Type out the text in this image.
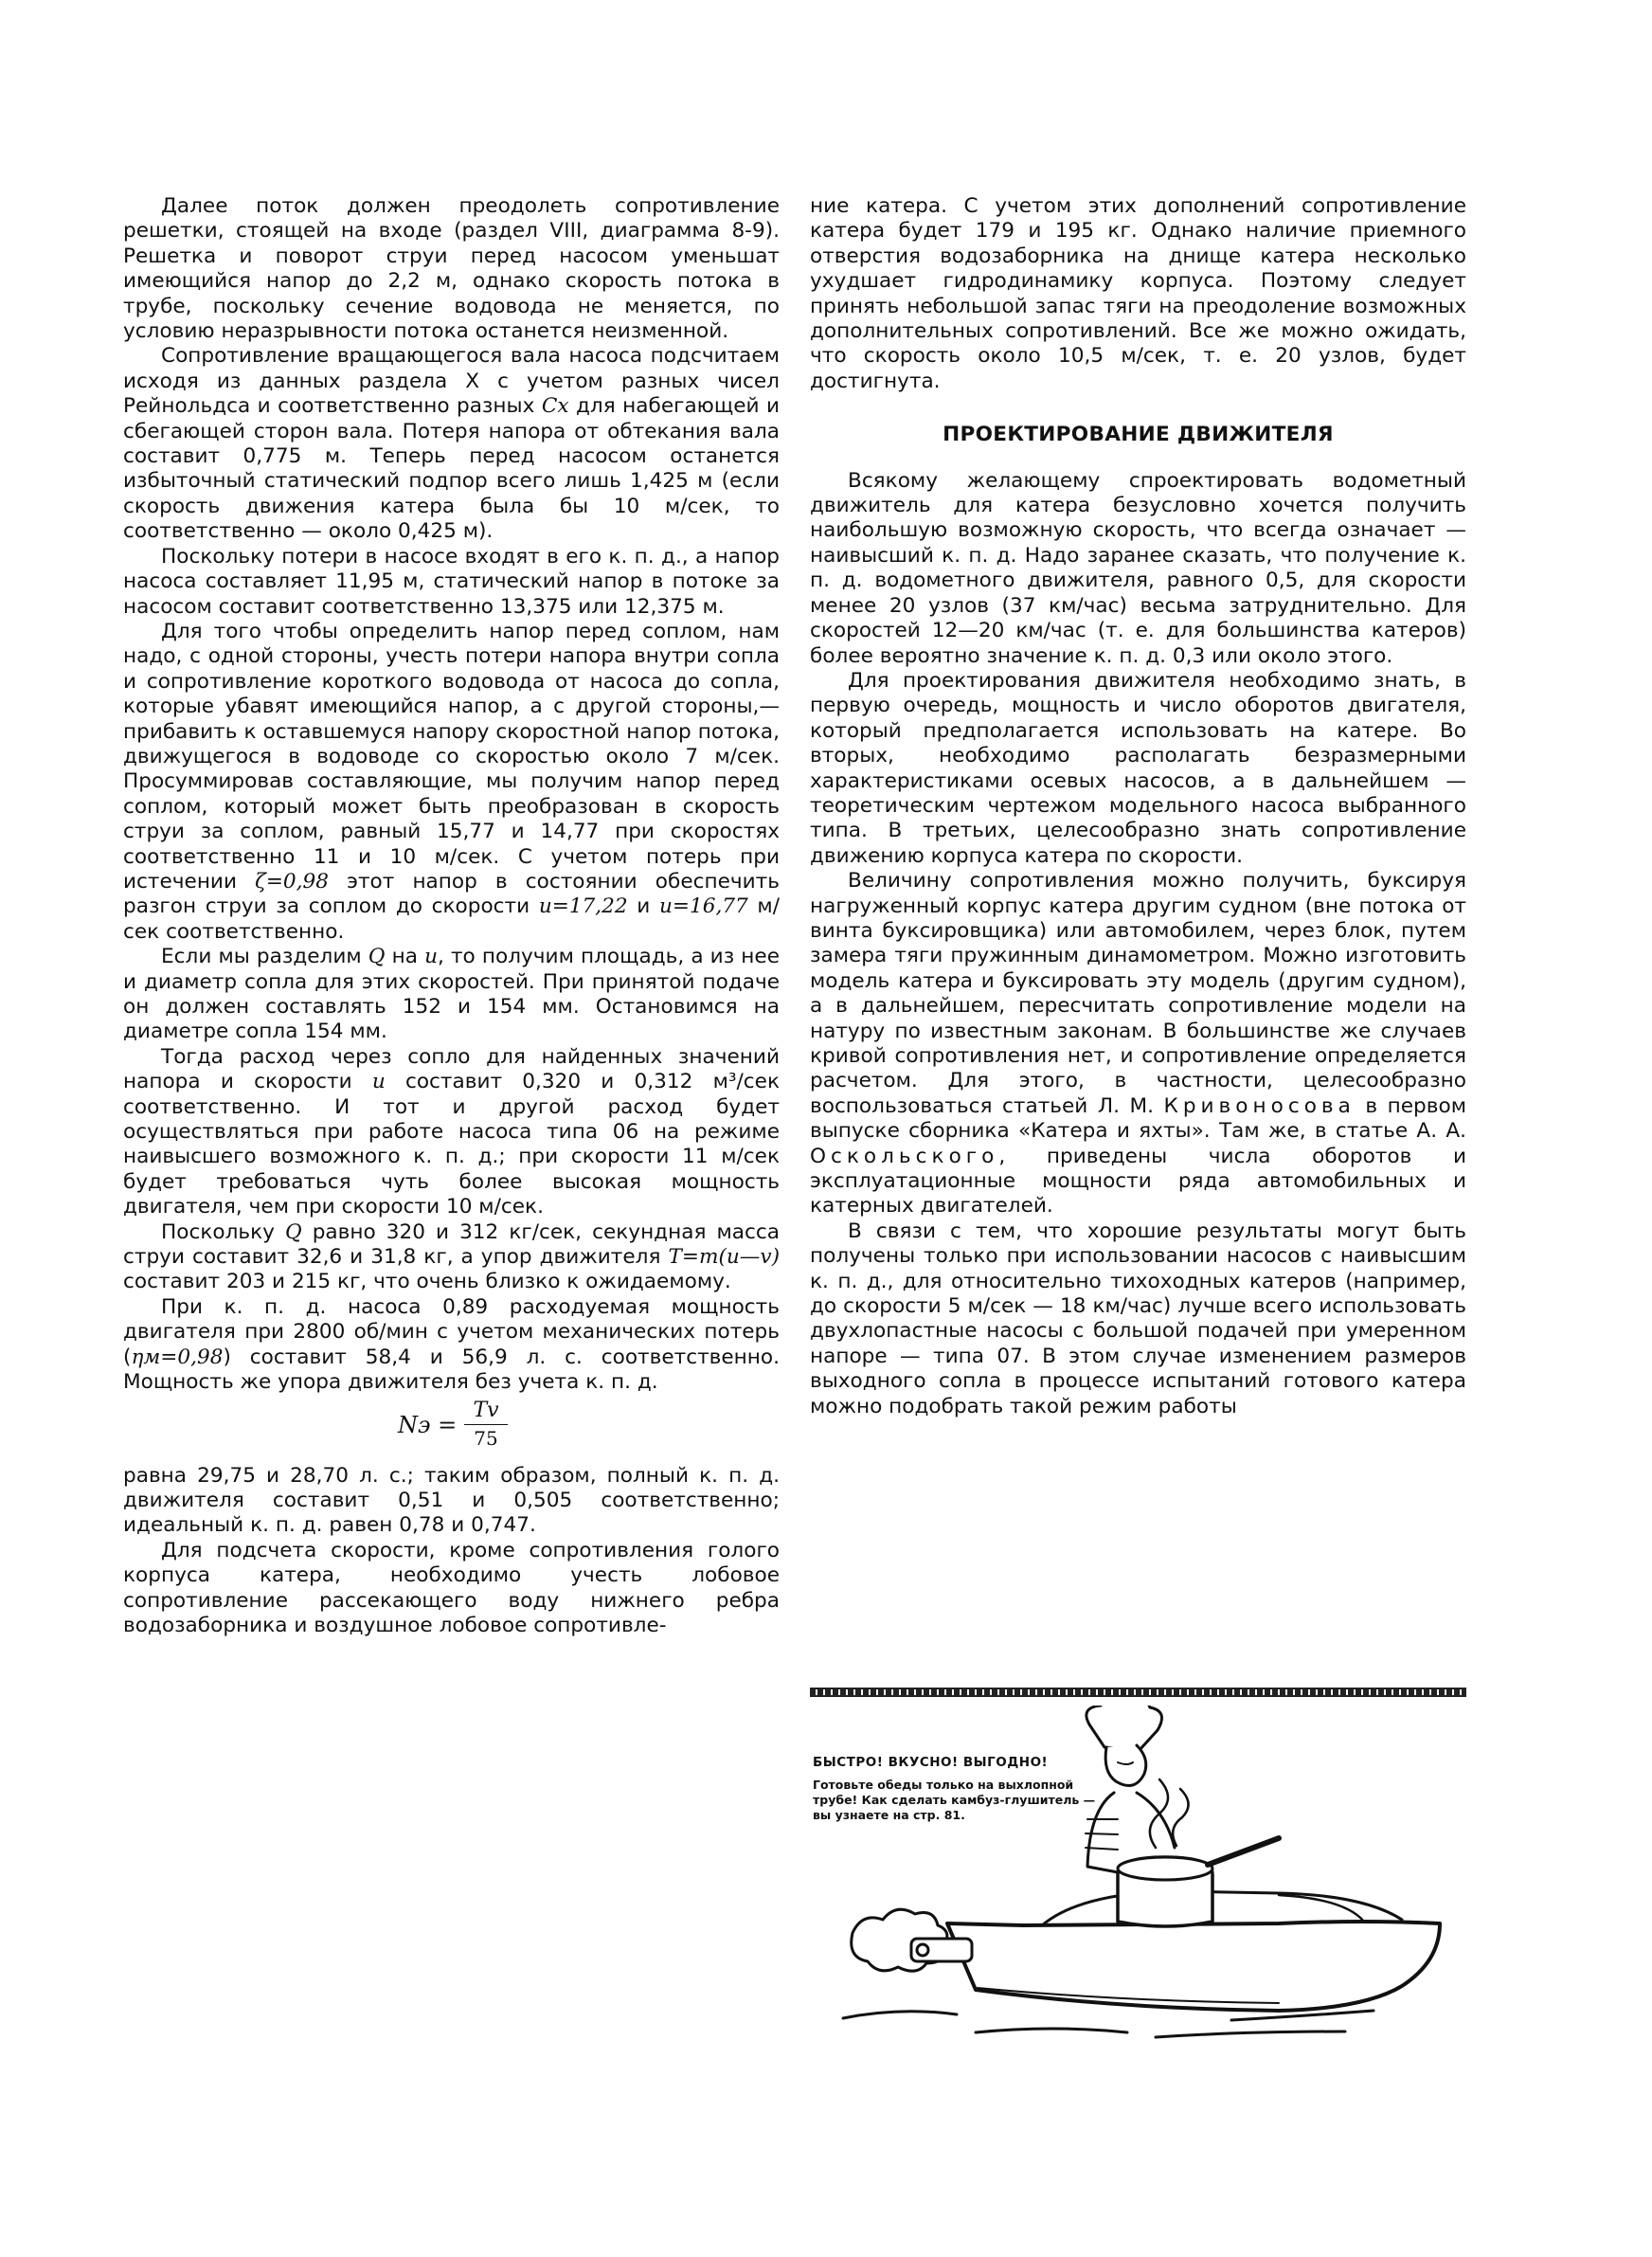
Далее поток должен преодолеть сопротивление решетки, стоящей на входе (раздел VIII, диаграмма 8-9). Решетка и поворот струи перед насосом уменьшат имеющийся напор до 2,2 м, однако скорость потока в трубе, поскольку сечение водовода не меняется, по условию неразрывности потока останется неизменной.

Сопротивление вращающегося вала насоса подсчитаем исходя из данных раздела X с учетом разных чисел Рейнольдса и соответственно разных Cx для набегающей и сбегающей сторон вала. Потеря напора от обтекания вала составит 0,775 м. Теперь перед насосом останется избыточный статический подпор всего лишь 1,425 м (если скорость движения катера была бы 10 м/сек, то соответственно — около 0,425 м).

Поскольку потери в насосе входят в его к. п. д., а напор насоса составляет 11,95 м, статический напор в потоке за насосом составит соответственно 13,375 или 12,375 м.

Для того чтобы определить напор перед соплом, нам надо, с одной стороны, учесть потери напора внутри сопла и сопротивление короткого водовода от насоса до сопла, которые убавят имеющийся напор, а с другой стороны,— прибавить к оставшемуся напору скоростной напор потока, движущегося в водоводе со скоростью около 7 м/сек. Просуммировав составляющие, мы получим напор перед соплом, который может быть преобразован в скорость струи за соплом, равный 15,77 и 14,77 при скоростях соответственно 11 и 10 м/сек. С учетом потерь при истечении ζ=0,98 этот напор в состоянии обеспечить разгон струи за соплом до скорости u=17,22 и u=16,77 м/сек соответственно.

Если мы разделим Q на u, то получим площадь, а из нее и диаметр сопла для этих скоростей. При принятой подаче он должен составлять 152 и 154 мм. Остановимся на диаметре сопла 154 мм.

Тогда расход через сопло для найденных значений напора и скорости u составит 0,320 и 0,312 м³/сек соответственно. И тот и другой расход будет осуществляться при работе насоса типа 06 на режиме наивысшего возможного к. п. д.; при скорости 11 м/сек будет требоваться чуть более высокая мощность двигателя, чем при скорости 10 м/сек.

Поскольку Q равно 320 и 312 кг/сек, секундная масса струи составит 32,6 и 31,8 кг, а упор движителя T=m(u—v) составит 203 и 215 кг, что очень близко к ожидаемому.

При к. п. д. насоса 0,89 расходуемая мощность двигателя при 2800 об/мин с учетом механических потерь (ηм=0,98) составит 58,4 и 56,9 л. с. соответственно. Мощность же упора движителя без учета к. п. д.

Nэ = $\frac{Tv}{75}$

равна 29,75 и 28,70 л. с.; таким образом, полный к. п. д. движителя составит 0,51 и 0,505 соответственно; идеальный к. п. д. равен 0,78 и 0,747.

Для подсчета скорости, кроме сопротивления голого корпуса катера, необходимо учесть лобовое сопротивление рассекающего воду нижнего ребра водозаборника и воздушное лобовое сопротивле-

ние катера. С учетом этих дополнений сопротивление катера будет 179 и 195 кг. Однако наличие приемного отверстия водозаборника на днище катера несколько ухудшает гидродинамику корпуса. Поэтому следует принять небольшой запас тяги на преодоление возможных дополнительных сопротивлений. Все же можно ожидать, что скорость около 10,5 м/сек, т. е. 20 узлов, будет достигнута.

ПРОЕКТИРОВАНИЕ ДВИЖИТЕЛЯ

Всякому желающему спроектировать водометный движитель для катера безусловно хочется получить наибольшую возможную скорость, что всегда означает — наивысший к. п. д. Надо заранее сказать, что получение к. п. д. водометного движителя, равного 0,5, для скорости менее 20 узлов (37 км/час) весьма затруднительно. Для скоростей 12—20 км/час (т. е. для большинства катеров) более вероятно значение к. п. д. 0,3 или около этого.

Для проектирования движителя необходимо знать, в первую очередь, мощность и число оборотов двигателя, который предполагается использовать на катере. Во вторых, необходимо располагать безразмерными характеристиками осевых насосов, а в дальнейшем — теоретическим чертежом модельного насоса выбранного типа. В третьих, целесообразно знать сопротивление движению корпуса катера по скорости.

Величину сопротивления можно получить, буксируя нагруженный корпус катера другим судном (вне потока от винта буксировщика) или автомобилем, через блок, путем замера тяги пружинным динамометром. Можно изготовить модель катера и буксировать эту модель (другим судном), а в дальнейшем, пересчитать сопротивление модели на натуру по известным законам. В большинстве же случаев кривой сопротивления нет, и сопротивление определяется расчетом. Для этого, в частности, целесообразно воспользоваться статьей Л. М. Кривоносова в первом выпуске сборника «Катера и яхты». Там же, в статье А. А. Оскольского, приведены числа оборотов и эксплуатационные мощности ряда автомобильных и катерных двигателей.

В связи с тем, что хорошие результаты могут быть получены только при использовании насосов с наивысшим к. п. д., для относительно тихоходных катеров (например, до скорости 5 м/сек — 18 км/час) лучше всего использовать двухлопастные насосы с большой подачей при умеренном напоре — типа 07. В этом случае изменением размеров выходного сопла в процессе испытаний готового катера можно подобрать такой режим работы

БЫСТРО! ВКУСНО! ВЫГОДНО!
Готовьте обеды только на выхлопной трубе! Как сделать камбуз-глушитель — вы узнаете на стр. 81.
